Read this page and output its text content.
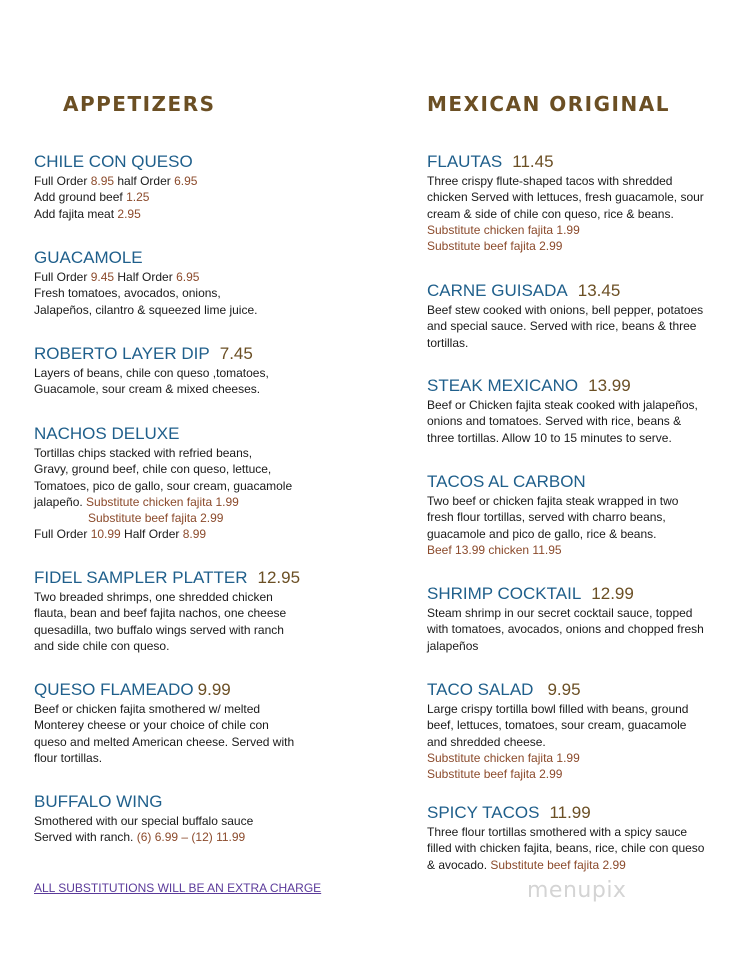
APPETIZERS	MEXICAN ORIGINAL
CHILE CON QUESO
Full Order 8.95 half Order 6.95
Add ground beef 1.25
Add fajita meat 2.95
GUACAMOLE
Full Order 9.45 Half Order 6.95
Fresh tomatoes, avocados, onions,
Jalapeños, cilantro & squeezed lime juice.
ROBERTO LAYER DIP 7.45
Layers of beans, chile con queso ,tomatoes,
Guacamole, sour cream & mixed cheeses.
NACHOS DELUXE
Tortillas chips stacked with refried beans,
Gravy, ground beef, chile con queso, lettuce,
Tomatoes, pico de gallo, sour cream, guacamole
jalapeño. Substitute chicken fajita 1.99
Substitute beef fajita 2.99
Full Order 10.99 Half Order 8.99
FIDEL SAMPLER PLATTER 12.95
Two breaded shrimps, one shredded chicken
flauta, bean and beef fajita nachos, one cheese
quesadilla, two buffalo wings served with ranch
and side chile con queso.
QUESO FLAMEADO 9.99
Beef or chicken fajita smothered w/ melted
Monterey cheese or your choice of chile con
queso and melted American cheese. Served with
flour tortillas.
BUFFALO WING
Smothered with our special buffalo sauce
Served with ranch. (6) 6.99 – (12) 11.99
ALL SUBSTITUTIONS WILL BE AN EXTRA CHARGE
FLAUTAS 11.45
Three crispy flute-shaped tacos with shredded
chicken Served with lettuces, fresh guacamole, sour
cream & side of chile con queso, rice & beans.
Substitute chicken fajita 1.99
Substitute beef fajita 2.99
CARNE GUISADA 13.45
Beef stew cooked with onions, bell pepper, potatoes
and special sauce. Served with rice, beans & three
tortillas.
STEAK MEXICANO 13.99
Beef or Chicken fajita steak cooked with jalapeños,
onions and tomatoes. Served with rice, beans &
three tortillas. Allow 10 to 15 minutes to serve.
TACOS AL CARBON
Two beef or chicken fajita steak wrapped in two
fresh flour tortillas, served with charro beans,
guacamole and pico de gallo, rice & beans.
Beef 13.99 chicken 11.95
SHRIMP COCKTAIL 12.99
Steam shrimp in our secret cocktail sauce, topped
with tomatoes, avocados, onions and chopped fresh
jalapeños
TACO SALAD 9.95
Large crispy tortilla bowl filled with beans, ground
beef, lettuces, tomatoes, sour cream, guacamole
and shredded cheese.
Substitute chicken fajita 1.99
Substitute beef fajita 2.99
SPICY TACOS 11.99
Three flour tortillas smothered with a spicy sauce
filled with chicken fajita, beans, rice, chile con queso
& avocado. Substitute beef fajita 2.99
menupix
